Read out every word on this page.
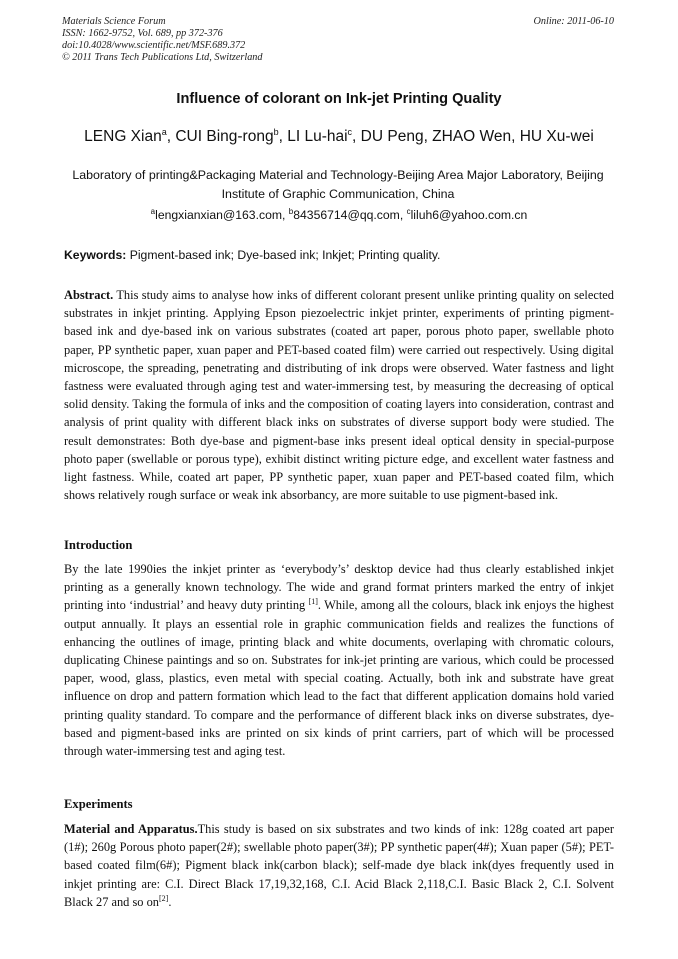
Materials Science Forum
ISSN: 1662-9752, Vol. 689, pp 372-376
doi:10.4028/www.scientific.net/MSF.689.372
© 2011 Trans Tech Publications Ltd, Switzerland
Online: 2011-06-10
Influence of colorant on Ink-jet Printing Quality
LENG Xian$^a$, CUI Bing-rong$^b$, LI Lu-hai$^c$, DU Peng, ZHAO Wen, HU Xu-wei
Laboratory of printing&Packaging Material and Technology-Beijing Area Major Laboratory, Beijing Institute of Graphic Communication, China
$^a$lengxianxian@163.com, $^b$84356714@qq.com, $^c$liluh6@yahoo.com.cn
Keywords: Pigment-based ink; Dye-based ink; Inkjet; Printing quality.
Abstract. This study aims to analyse how inks of different colorant present unlike printing quality on selected substrates in inkjet printing. Applying Epson piezoelectric inkjet printer, experiments of printing pigment-based ink and dye-based ink on various substrates (coated art paper, porous photo paper, swellable photo paper, PP synthetic paper, xuan paper and PET-based coated film) were carried out respectively. Using digital microscope, the spreading, penetrating and distributing of ink drops were observed. Water fastness and light fastness were evaluated through aging test and water-immersing test, by measuring the decreasing of optical solid density. Taking the formula of inks and the composition of coating layers into consideration, contrast and analysis of print quality with different black inks on substrates of diverse support body were studied. The result demonstrates: Both dye-base and pigment-base inks present ideal optical density in special-purpose photo paper (swellable or porous type), exhibit distinct writing picture edge, and excellent water fastness and light fastness. While, coated art paper, PP synthetic paper, xuan paper and PET-based coated film, which shows relatively rough surface or weak ink absorbancy, are more suitable to use pigment-based ink.
Introduction
By the late 1990ies the inkjet printer as ‘everybody’s’ desktop device had thus clearly established inkjet printing as a generally known technology. The wide and grand format printers marked the entry of inkjet printing into ‘industrial’ and heavy duty printing [1]. While, among all the colours, black ink enjoys the highest output annually. It plays an essential role in graphic communication fields and realizes the functions of enhancing the outlines of image, printing black and white documents, overlaping with chromatic colours, duplicating Chinese paintings and so on. Substrates for ink-jet printing are various, which could be processed paper, wood, glass, plastics, even metal with special coating. Actually, both ink and substrate have great influence on drop and pattern formation which lead to the fact that different application domains hold varied printing quality standard. To compare and the performance of different black inks on diverse substrates, dye-based and pigment-based inks are printed on six kinds of print carriers, part of which will be processed through water-immersing test and aging test.
Experiments
Material and Apparatus.This study is based on six substrates and two kinds of ink: 128g coated art paper (1#); 260g Porous photo paper(2#); swellable photo paper(3#); PP synthetic paper(4#); Xuan paper (5#); PET-based coated film(6#); Pigment black ink(carbon black); self-made dye black ink(dyes frequently used in inkjet printing are: C.I. Direct Black 17,19,32,168, C.I. Acid Black 2,118,C.I. Basic Black 2, C.I. Solvent Black 27 and so on[2].
